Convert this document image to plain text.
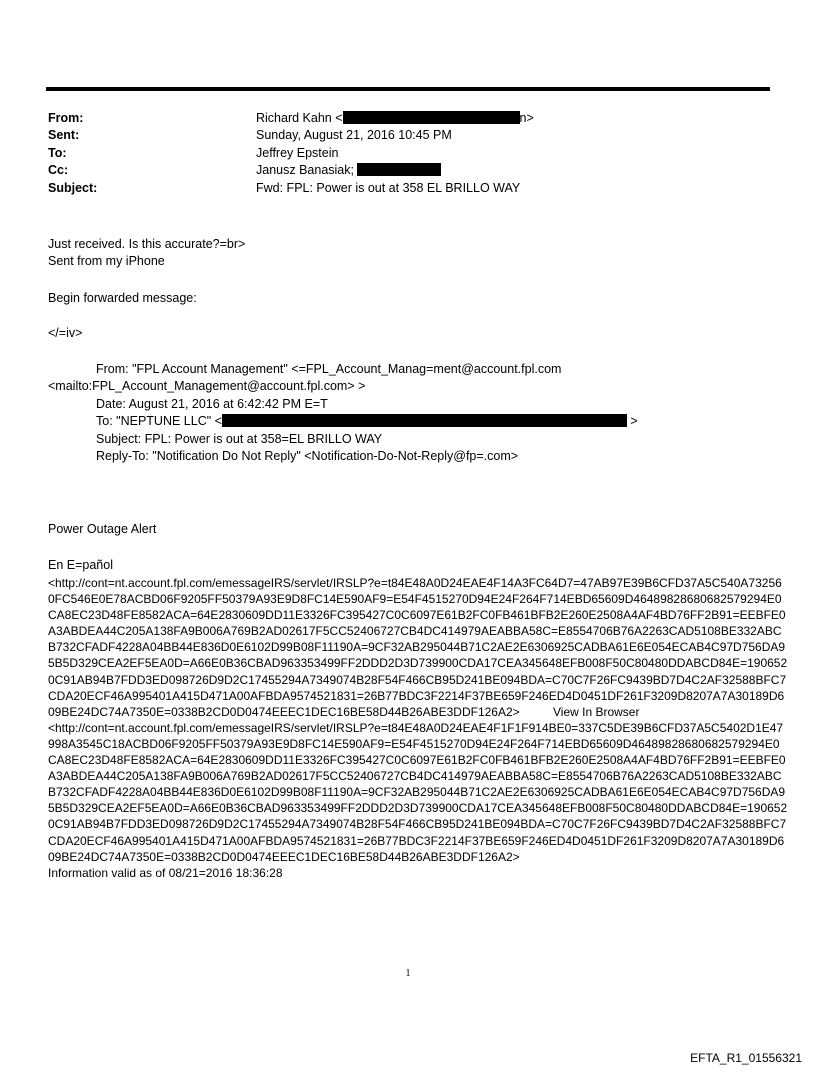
From:	Richard Kahn <	n>
Sent:	Sunday, August 21, 2016 10:45 PM
To:	Jeffrey Epstein
Cc:	Janusz Banasiak;
Subject:	Fwd: FPL: Power is out at 358 EL BRILLO WAY
Just received. Is this accurate?=br>
Sent from my iPhone
Begin forwarded message:
</=iv>
From: "FPL Account Management" <=FPL_Account_Manag=ment@account.fpl.com
<mailto:FPL_Account_Management@account.fpl.com> >
Date: August 21, 2016 at 6:42:42 PM E=T
To: "NEPTUNE LLC" <	>
Subject: FPL: Power is out at 358=EL BRILLO WAY
Reply-To: "Notification Do Not Reply" <Notification-Do-Not-Reply@fp=.com>
Power Outage Alert
En E=pañol
<http://cont=nt.account.fpl.com/emessageIRS/servlet/IRSLP?e=t84E48A0D24EAE4F14A3FC64D7=47AB97E39B6CFD37A5C540A732560FC546E0E78ACBD06F9205FF50379A93E9D8FC14E590AF9=E54F4515270D94E24F264F714EBD65609D46489828680682579294E0CA8EC23D48FE8582ACA=64E2830609DD11E3326FC395427C0C6097E61B2FC0FB461BFB2E260E2508A4AF4BD76FF2B91=EEBFE0A3ABDEA44C205A138FA9B006A769B2AD02617F5CC52406727CB4DC414979AEABBA58C=E8554706B76A2263CAD5108BE332ABCB732CFADF4228A04BB44E836D0E6102D99B08F11190A=9CF32AB295044B71C2AE2E6306925CADBA61E6E054ECAB4C97D756DA95B5D329CEA2EF5EA0D=A66E0B36CBAD963353499FF2DDD2D3D739900CDA17CEA345648EFB008F50C80480DDABCD84E=1906520C91AB94B7FDD3ED098726D9D2C17455294A7349074B28F54F466CB95D241BE094BDA=C70C7F26FC9439BD7D4C2AF32588BFC7CDA20ECF46A995401A415D471A00AFBDA9574521831=26B77BDC3F2214F37BE659F246ED4D0451DF261F3209D8207A7A30189D609BE24DC74A7350E=0338B2CD0D0474EEEC1DEC16BE58D44B26ABE3DDF126A2>	View In Browser
<http://cont=nt.account.fpl.com/emessageIRS/servlet/IRSLP?e=t84E48A0D24EAE4F1F1F914BE0=337C5DE39B6CFD37A5C5402D1E47998A3545C18ACBD06F9205FF50379A93E9D8FC14E590AF9=E54F4515270D94E24F264F714EBD65609D46489828680682579294E0CA8EC23D48FE8582ACA=64E2830609DD11E3326FC395427C0C6097E61B2FC0FB461BFB2E260E2508A4AF4BD76FF2B91=EEBFE0A3ABDEA44C205A138FA9B006A769B2AD02617F5CC52406727CB4DC414979AEABBA58C=E8554706B76A2263CAD5108BE332ABCB732CFADF4228A04BB44E836D0E6102D99B08F11190A=9CF32AB295044B71C2AE2E6306925CADBA61E6E054ECAB4C97D756DA95B5D329CEA2EF5EA0D=A66E0B36CBAD963353499FF2DDD2D3D739900CDA17CEA345648EFB008F50C80480DDABCD84E=1906520C91AB94B7FDD3ED098726D9D2C17455294A7349074B28F54F466CB95D241BE094BDA=C70C7F26FC9439BD7D4C2AF32588BFC7CDA20ECF46A995401A415D471A00AFBDA9574521831=26B77BDC3F2214F37BE659F246ED4D0451DF261F3209D8207A7A30189D609BE24DC74A7350E=0338B2CD0D0474EEEC1DEC16BE58D44B26ABE3DDF126A2>
Information valid as of 08/21=2016 18:36:28
1
EFTA_R1_01556321
